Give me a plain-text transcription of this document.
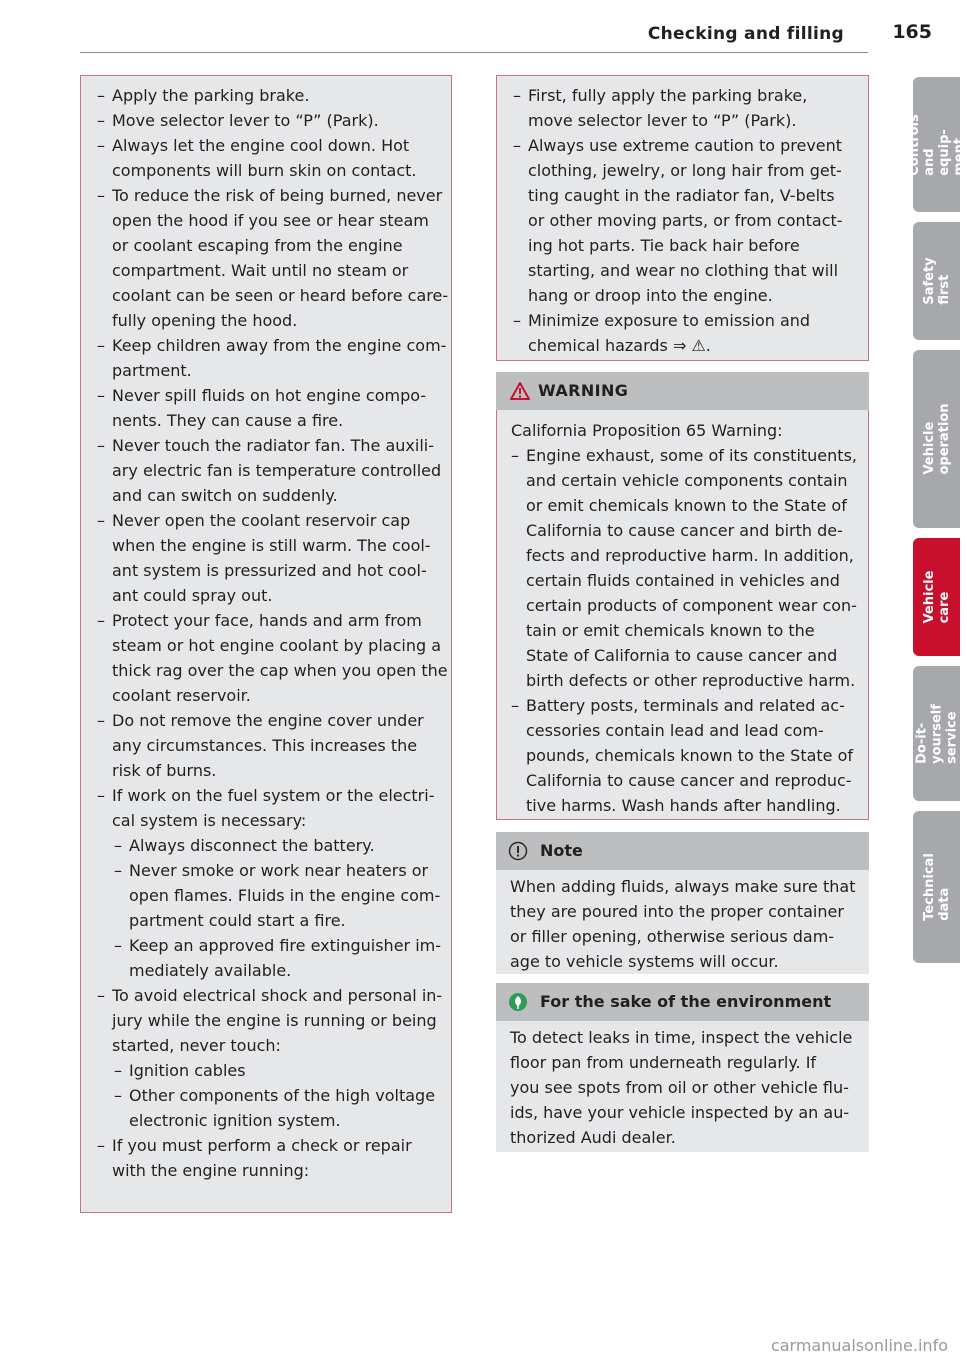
Checking and filling	165
– Apply the parking brake.
– Move selector lever to “P” (Park).
– Always let the engine cool down. Hot
components will burn skin on contact.
– To reduce the risk of being burned, never
open the hood if you see or hear steam
or coolant escaping from the engine
compartment. Wait until no steam or
coolant can be seen or heard before care-
fully opening the hood.
– Keep children away from the engine com-
partment.
– Never spill fluids on hot engine compo-
nents. They can cause a fire.
– Never touch the radiator fan. The auxili-
ary electric fan is temperature controlled
and can switch on suddenly.
– Never open the coolant reservoir cap
when the engine is still warm. The cool-
ant system is pressurized and hot cool-
ant could spray out.
– Protect your face, hands and arm from
steam or hot engine coolant by placing a
thick rag over the cap when you open the
coolant reservoir.
– Do not remove the engine cover under
any circumstances. This increases the
risk of burns.
– If work on the fuel system or the electri-
cal system is necessary:
– Always disconnect the battery.
– Never smoke or work near heaters or
open flames. Fluids in the engine com-
partment could start a fire.
– Keep an approved fire extinguisher im-
mediately available.
– To avoid electrical shock and personal in-
jury while the engine is running or being
started, never touch:
– Ignition cables
– Other components of the high voltage
electronic ignition system.
– If you must perform a check or repair
with the engine running:
– First, fully apply the parking brake,
move selector lever to “P” (Park).
– Always use extreme caution to prevent
clothing, jewelry, or long hair from get-
ting caught in the radiator fan, V-belts
or other moving parts, or from contact-
ing hot parts. Tie back hair before
starting, and wear no clothing that will
hang or droop into the engine.
– Minimize exposure to emission and
chemical hazards ⇒ ⚠.
WARNING
California Proposition 65 Warning:
– Engine exhaust, some of its constituents,
and certain vehicle components contain
or emit chemicals known to the State of
California to cause cancer and birth de-
fects and reproductive harm. In addition,
certain fluids contained in vehicles and
certain products of component wear con-
tain or emit chemicals known to the
State of California to cause cancer and
birth defects or other reproductive harm.
– Battery posts, terminals and related ac-
cessories contain lead and lead com-
pounds, chemicals known to the State of
California to cause cancer and reproduc-
tive harms. Wash hands after handling.
Note
When adding fluids, always make sure that
they are poured into the proper container
or filler opening, otherwise serious dam-
age to vehicle systems will occur.
For the sake of the environment
To detect leaks in time, inspect the vehicle
floor pan from underneath regularly. If
you see spots from oil or other vehicle flu-
ids, have your vehicle inspected by an au-
thorized Audi dealer.
Controls and equip-
ment
Safety first
Vehicle operation
Vehicle care
Do-it-yourself
service
Technical data
carmanualsonline.info
